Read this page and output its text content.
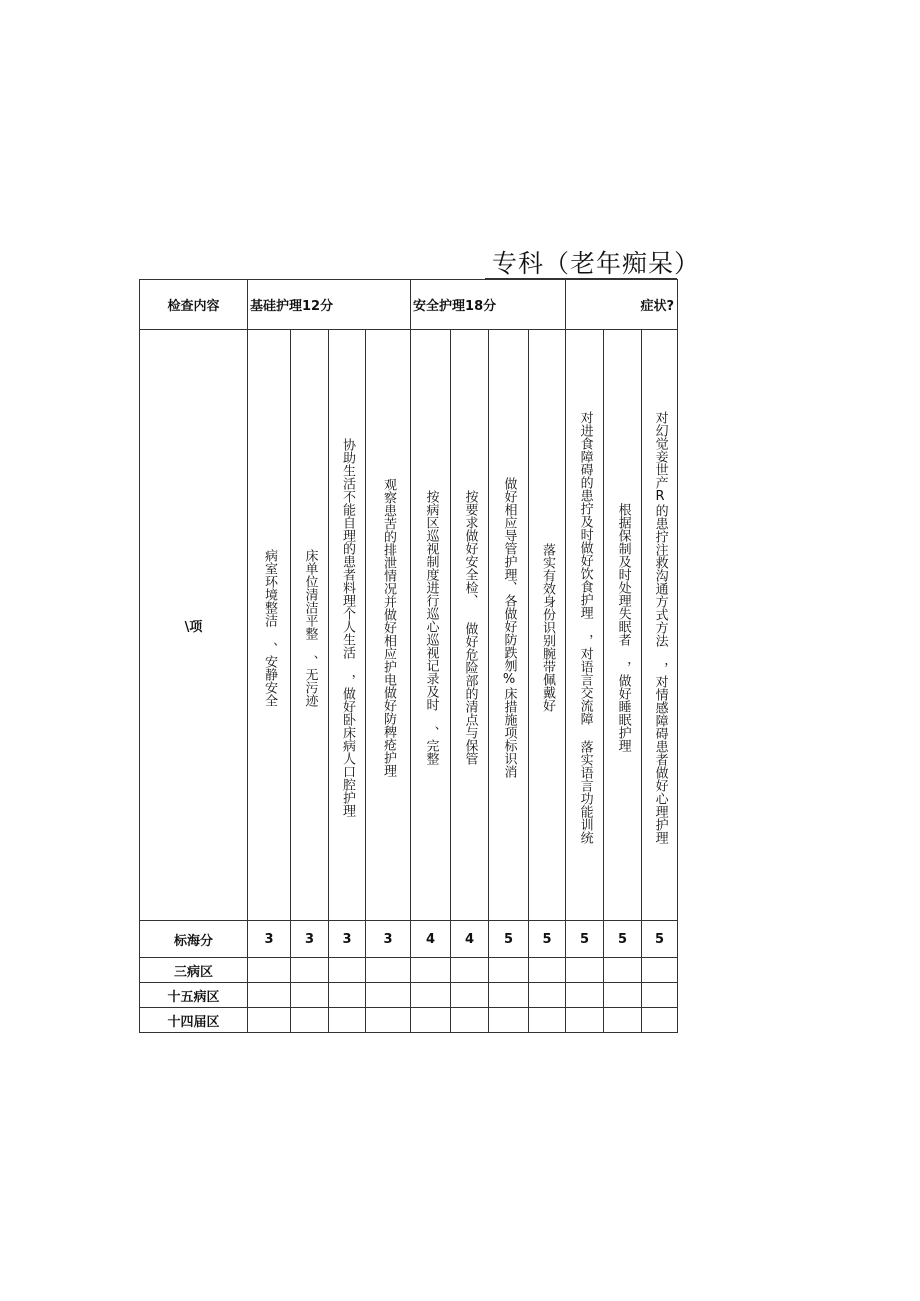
专科（老年痴呆）
检查内容	基硅护理12分				安全护理18分				症状?		
\项	病室环境整洁 、安静安全	床单位清洁平整 、无污迹	协助生活不能自理的患者料理个人生活 ，做好卧床病人口腔护理	观察患苦的排泄情况并做好相应护电做好防稗疮护理	按病区巡视制度进行巡心巡视记录及时 、完整	按要求做好安全检、 做好危险部的清点与保管	做好相应导管护理、各做好防跌刎%床措施项标识消	落实有效身份识别腕带佩戴好	对进食障碍的患拧及时做好饮食护理 ，对语言交流障 落实语言功能训统	根据保制及时处理失眠者 ，做好睡眠护理	对幻觉妾世产R的患拧注救沟通方式方法 ，对情感障碍患者做好心理护理

标海分	3	3	3	3	4	4	5	5	5	5	5
三病区											
十五病区											
十四届区											
